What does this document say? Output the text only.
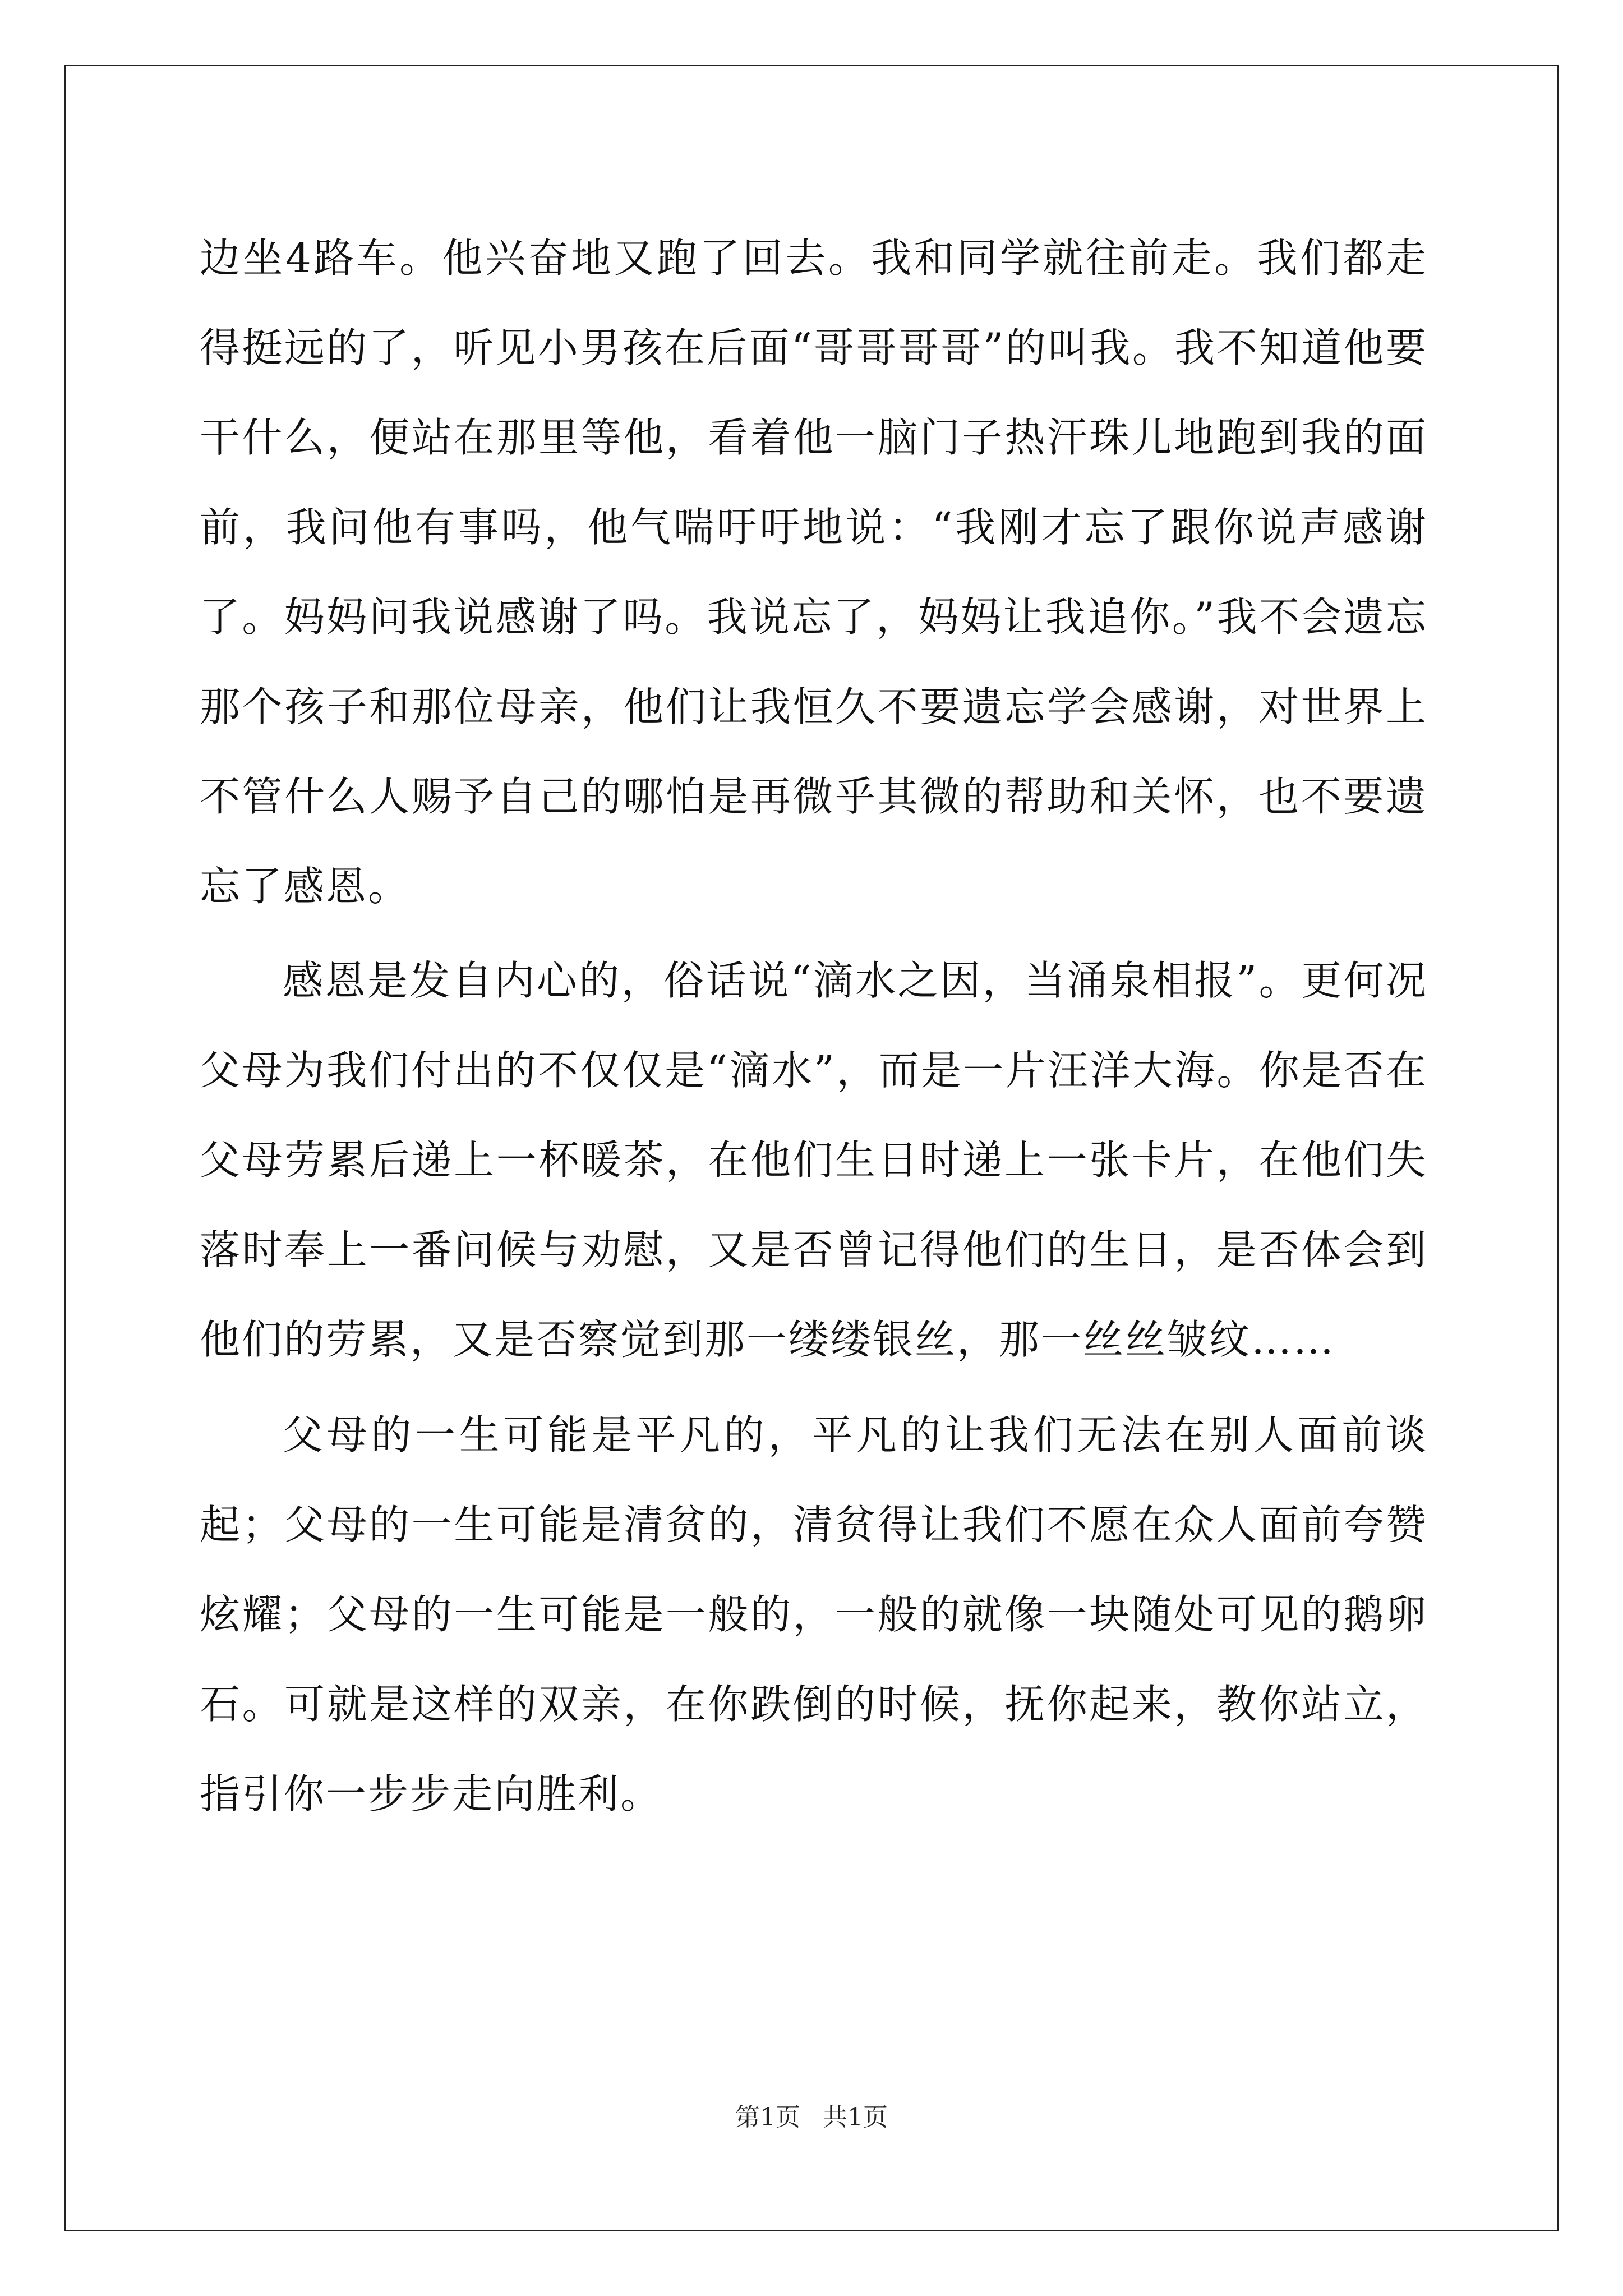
边坐4路车。他兴奋地又跑了回去。我和同学就往前走。我们都走得挺远的了，听见小男孩在后面“哥哥哥哥”的叫我。我不知道他要干什么，便站在那里等他，看着他一脑门子热汗珠儿地跑到我的面前，我问他有事吗，他气喘吁吁地说：“我刚才忘了跟你说声感谢了。妈妈问我说感谢了吗。我说忘了，妈妈让我追你。”我不会遗忘那个孩子和那位母亲，他们让我恒久不要遗忘学会感谢，对世界上不管什么人赐予自己的哪怕是再微乎其微的帮助和关怀，也不要遗忘了感恩。

感恩是发自内心的，俗话说“滴水之因，当涌泉相报”。更何况父母为我们付出的不仅仅是“滴水”，而是一片汪洋大海。你是否在父母劳累后递上一杯暖茶，在他们生日时递上一张卡片，在他们失落时奉上一番问候与劝慰，又是否曾记得他们的生日，是否体会到他们的劳累，又是否察觉到那一缕缕银丝，那一丝丝皱纹……

父母的一生可能是平凡的，平凡的让我们无法在别人面前谈起；父母的一生可能是清贫的，清贫得让我们不愿在众人面前夸赞炫耀；父母的一生可能是一般的，一般的就像一块随处可见的鹅卵石。可就是这样的双亲，在你跌倒的时候，抚你起来，教你站立，指引你一步步走向胜利。

第1页 共1页
